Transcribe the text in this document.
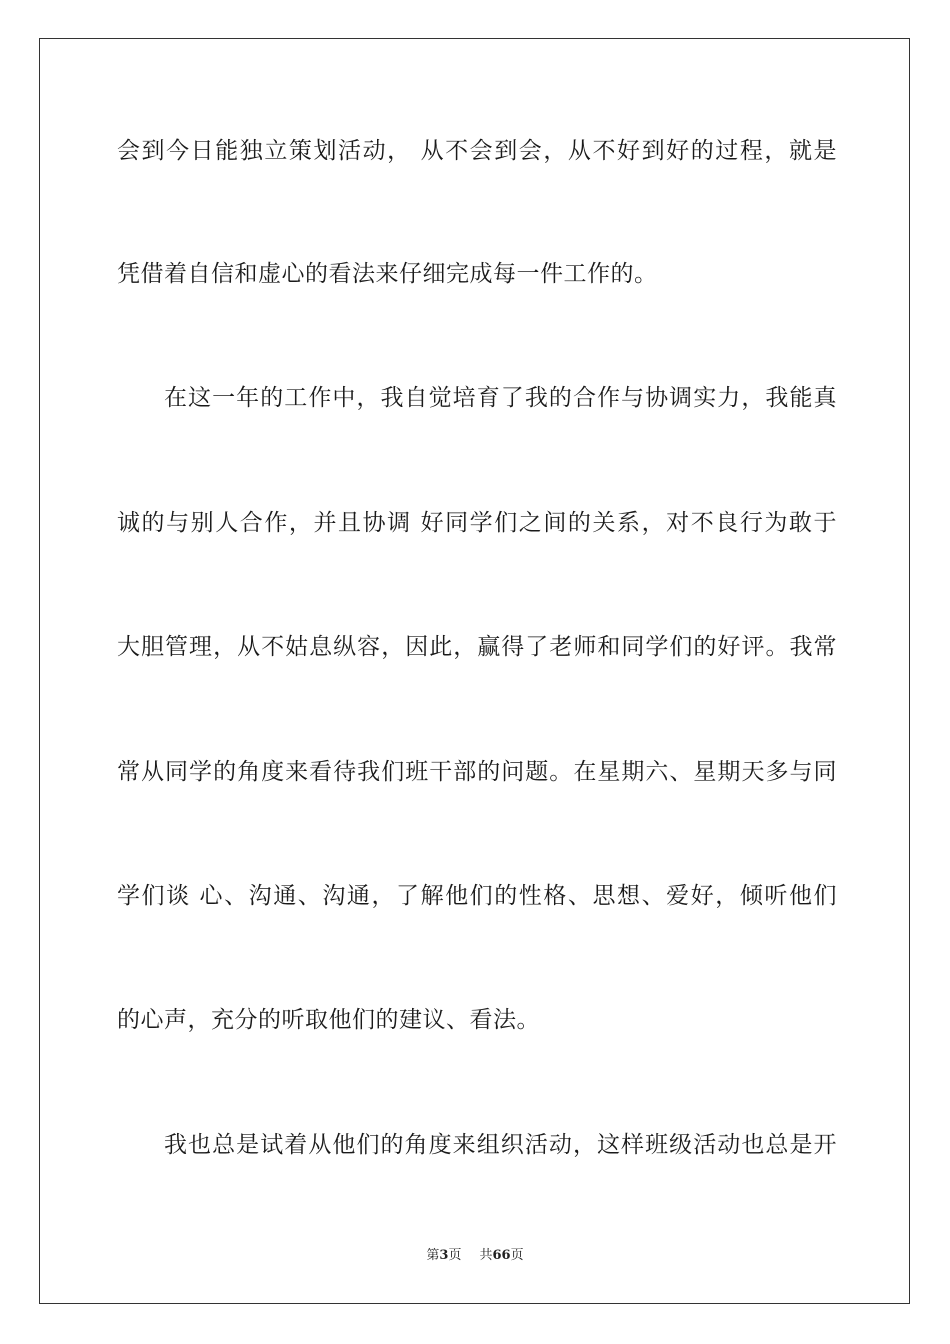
会到今日能独立策划活动， 从不会到会，从不好到好的过程，就是
凭借着自信和虚心的看法来仔细完成每一件工作的。
在这一年的工作中，我自觉培育了我的合作与协调实力，我能真
诚的与别人合作，并且协调 好同学们之间的关系，对不良行为敢于
大胆管理，从不姑息纵容，因此，赢得了老师和同学们的好评。我常
常从同学的角度来看待我们班干部的问题。在星期六、星期天多与同
学们谈 心、沟通、沟通，了解他们的性格、思想、爱好，倾听他们
的心声，充分的听取他们的建议、看法。
我也总是试着从他们的角度来组织活动，这样班级活动也总是开
第3页 共66页
